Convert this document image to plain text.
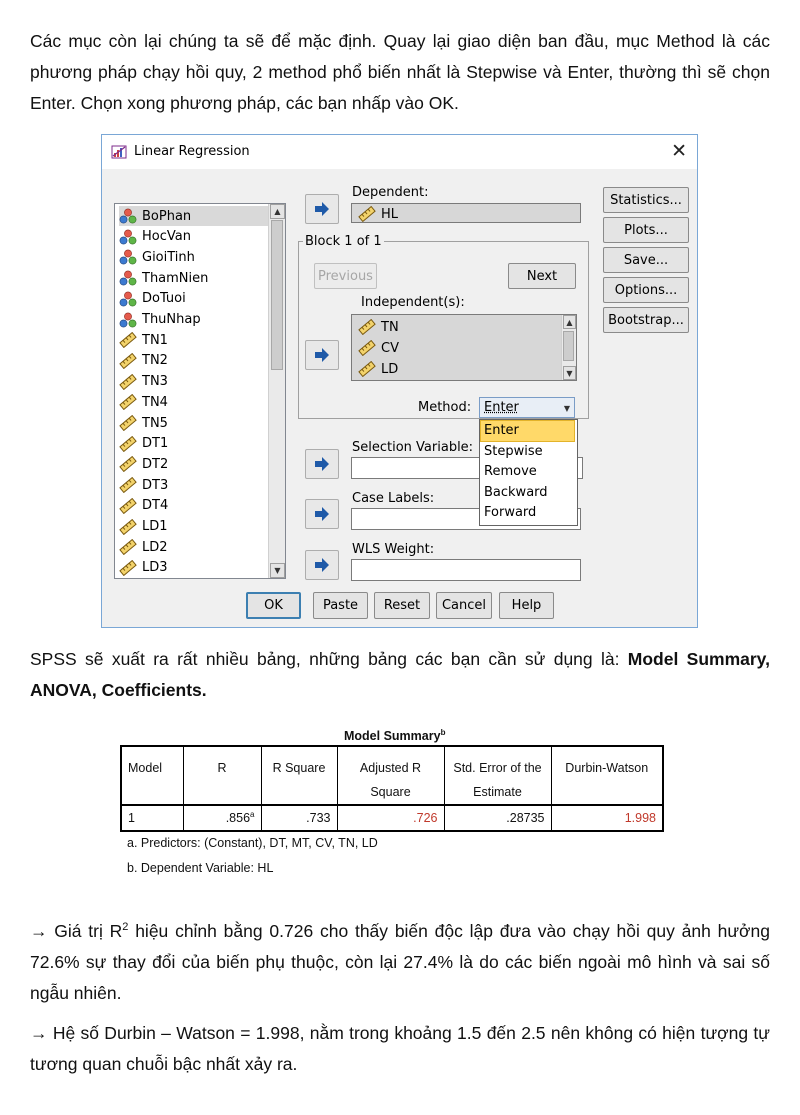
Các mục còn lại chúng ta sẽ để mặc định. Quay lại giao diện ban đầu, mục Method là các phương pháp chạy hồi quy, 2 method phổ biến nhất là Stepwise và Enter, thường thì sẽ chọn Enter. Chọn xong phương pháp, các bạn nhấp vào OK.
Linear Regression	✕
▲
▼
BoPhan
HocVan
GioiTinh
ThamNien
DoTuoi
ThuNhap
TN1
TN2
TN3
TN4
TN5
DT1
DT2
DT3
DT4
LD1
LD2
LD3
Dependent:
HL
Block 1 of 1
Previous	Next
Independent(s):
▲
▼
TN
CV
LD
Method: Enter	▼
Selection Variable:
Case Labels:
WLS Weight:
Enter
Stepwise
Remove
Backward
Forward
Statistics...
Plots...
Save...
Options...
Bootstrap...
OK	Paste	Reset	Cancel	Help
SPSS sẽ xuất ra rất nhiều bảng, những bảng các bạn cần sử dụng là: Model Summary, ANOVA, Coefficients.
Model Summary$^b$
Model	R	R Square	Adjusted R Square	Std. Error of the Estimate	Durbin-Watson
1	.856$^a$	.733	.726	.28735	1.998
a. Predictors: (Constant), DT, MT, CV, TN, LD
b. Dependent Variable: HL
→ Giá trị $R^2$ hiệu chỉnh bằng 0.726 cho thấy biến độc lập đưa vào chạy hồi quy ảnh hưởng 72.6% sự thay đổi của biến phụ thuộc, còn lại 27.4% là do các biến ngoài mô hình và sai số ngẫu nhiên.
→ Hệ số Durbin – Watson = 1.998, nằm trong khoảng 1.5 đến 2.5 nên không có hiện tượng tự tương quan chuỗi bậc nhất xảy ra.
